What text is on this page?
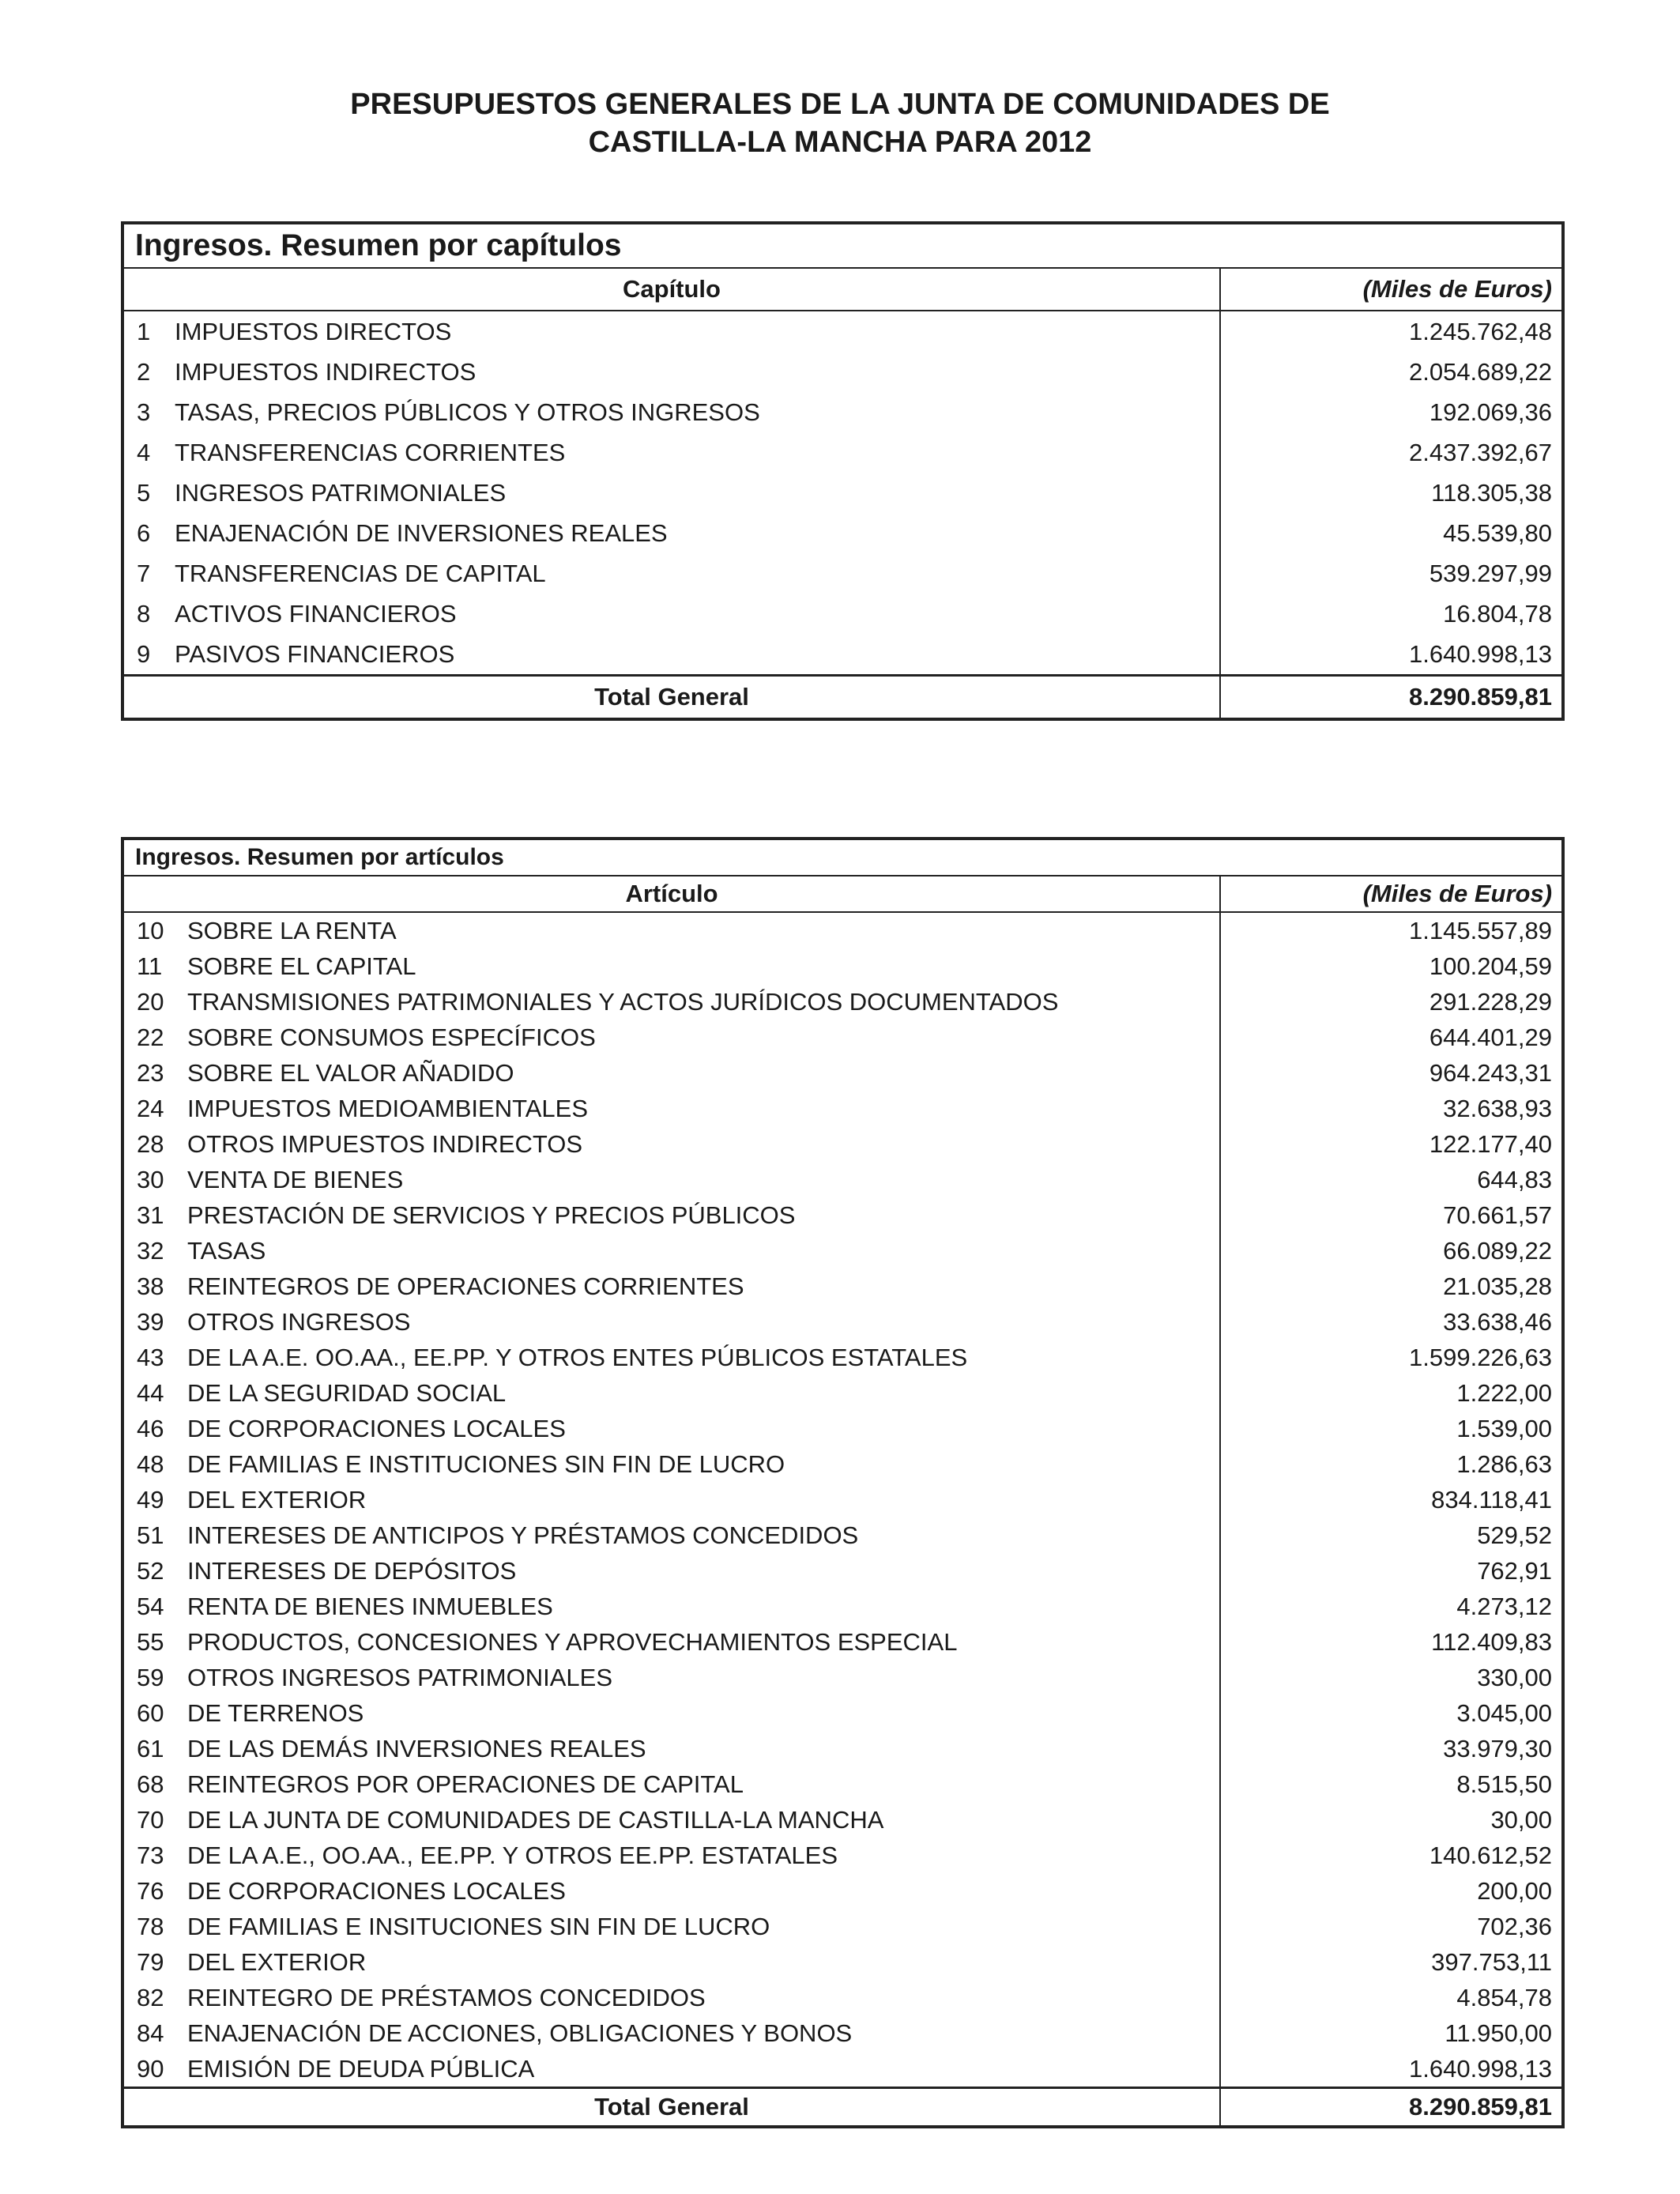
PRESUPUESTOS GENERALES DE LA JUNTA DE COMUNIDADES DE
CASTILLA-LA MANCHA PARA 2012
Ingresos. Resumen por capítulos	
Capítulo	(Miles de Euros)
1 IMPUESTOS DIRECTOS	1.245.762,48
2 IMPUESTOS INDIRECTOS	2.054.689,22
3 TASAS, PRECIOS PÚBLICOS Y OTROS INGRESOS	192.069,36
4 TRANSFERENCIAS CORRIENTES	2.437.392,67
5 INGRESOS PATRIMONIALES	118.305,38
6 ENAJENACIÓN DE INVERSIONES REALES	45.539,80
7 TRANSFERENCIAS DE CAPITAL	539.297,99
8 ACTIVOS FINANCIEROS	16.804,78
9 PASIVOS FINANCIEROS	1.640.998,13
Total General	8.290.859,81
Ingresos. Resumen por artículos	
Artículo	(Miles de Euros)
10 SOBRE LA RENTA	1.145.557,89
11 SOBRE EL CAPITAL	100.204,59
20 TRANSMISIONES PATRIMONIALES Y ACTOS JURÍDICOS DOCUMENTADOS	291.228,29
22 SOBRE CONSUMOS ESPECÍFICOS	644.401,29
23 SOBRE EL VALOR AÑADIDO	964.243,31
24 IMPUESTOS MEDIOAMBIENTALES	32.638,93
28 OTROS IMPUESTOS INDIRECTOS	122.177,40
30 VENTA DE BIENES	644,83
31 PRESTACIÓN DE SERVICIOS Y PRECIOS PÚBLICOS	70.661,57
32 TASAS	66.089,22
38 REINTEGROS DE OPERACIONES CORRIENTES	21.035,28
39 OTROS INGRESOS	33.638,46
43 DE LA A.E. OO.AA., EE.PP. Y OTROS ENTES PÚBLICOS ESTATALES	1.599.226,63
44 DE LA SEGURIDAD SOCIAL	1.222,00
46 DE CORPORACIONES LOCALES	1.539,00
48 DE FAMILIAS E INSTITUCIONES SIN FIN DE LUCRO	1.286,63
49 DEL EXTERIOR	834.118,41
51 INTERESES DE ANTICIPOS Y PRÉSTAMOS CONCEDIDOS	529,52
52 INTERESES DE DEPÓSITOS	762,91
54 RENTA DE BIENES INMUEBLES	4.273,12
55 PRODUCTOS, CONCESIONES Y APROVECHAMIENTOS ESPECIAL	112.409,83
59 OTROS INGRESOS PATRIMONIALES	330,00
60 DE TERRENOS	3.045,00
61 DE LAS DEMÁS INVERSIONES REALES	33.979,30
68 REINTEGROS POR OPERACIONES DE CAPITAL	8.515,50
70 DE LA JUNTA DE COMUNIDADES DE CASTILLA-LA MANCHA	30,00
73 DE LA A.E., OO.AA., EE.PP. Y OTROS EE.PP. ESTATALES	140.612,52
76 DE CORPORACIONES LOCALES	200,00
78 DE FAMILIAS E INSITUCIONES SIN FIN DE LUCRO	702,36
79 DEL EXTERIOR	397.753,11
82 REINTEGRO DE PRÉSTAMOS CONCEDIDOS	4.854,78
84 ENAJENACIÓN DE ACCIONES, OBLIGACIONES Y BONOS	11.950,00
90 EMISIÓN DE DEUDA PÚBLICA	1.640.998,13
Total General	8.290.859,81
